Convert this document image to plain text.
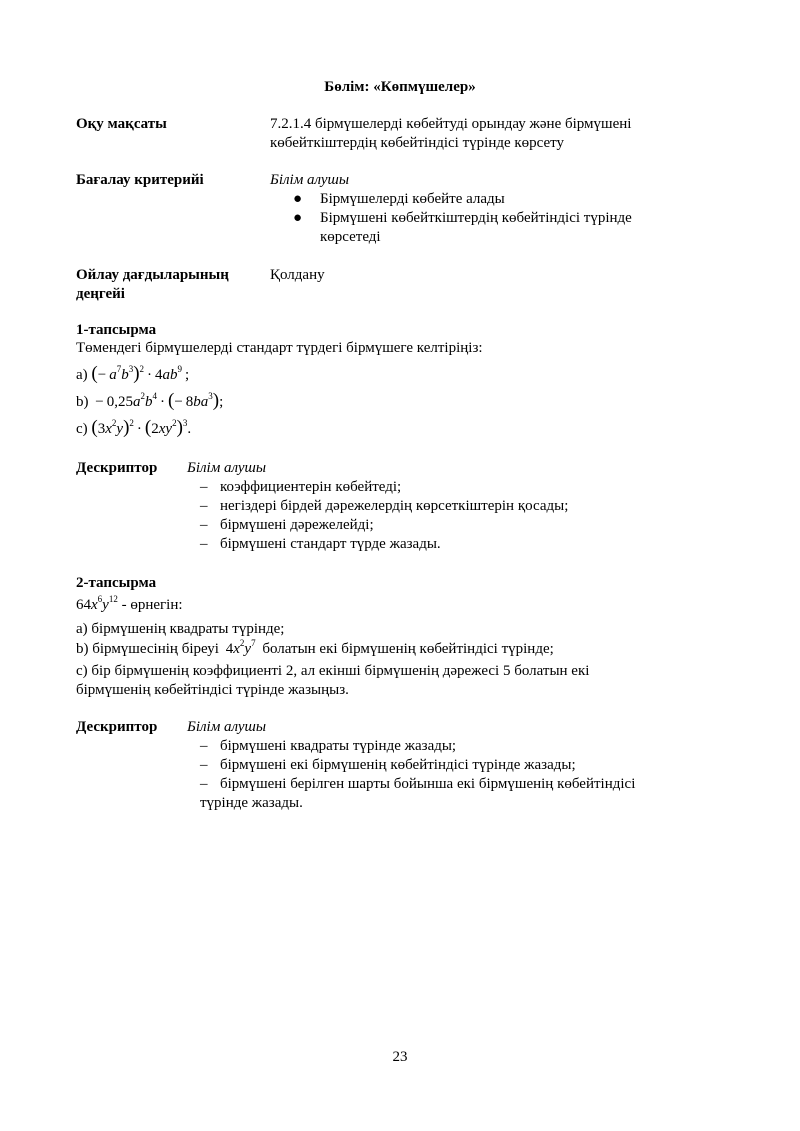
Бөлім: «Көпмүшелер»
Оқу мақсаты	7.2.1.4 бірмүшелерді көбейтуді орындау және бірмүшені
көбейткіштердің көбейтіндісі түрінде көрсету
Бағалау критерийі	Білім алушы
● Бірмүшелерді көбейте алады
● Бірмүшені көбейткіштердің көбейтіндісі түрінде
көрсетеді
Ойлау дағдыларының
деңгейі
Қолдану
1-тапсырма
Төмендегі бірмүшелерді стандарт түрдегі бірмүшеге келтіріңіз:
a) (− $a^7b^3)^2 \cdot 4ab^9$ ;
$b) - 0,25a^2b^4$ · (− $8ba^3$);
c) $(3x^2y)^2 \cdot (2xy^2)^3$.
Дескриптор Білім алушы
– коэффициентерін көбейтеді;
– негіздері бірдей дәрежелердің көрсеткіштерін қосады;
– бірмүшені дәрежелейді;
– бірмүшені стандарт түрде жазады.
2-тапсырма
$64x^6y^{12}$ - өрнегін:
a) бірмүшенің квадраты түрінде;
b) бірмүшесінің біреуі   $4x^2y^7$  болатын екі бірмүшенің көбейтіндісі түрінде;
c) бір бірмүшенің коэффициенті 2, ал екінші бірмүшенің дәрежесі 5 болатын екі
бірмүшенің көбейтіндісі түрінде жазыңыз.
Дескриптор Білім алушы
– бірмүшені квадраты түрінде жазады;
– бірмүшені екі бірмүшенің көбейтіндісі түрінде жазады;
– бірмүшені берілген шарты бойынша екі бірмүшенің көбейтіндісі
түрінде жазады.
23
